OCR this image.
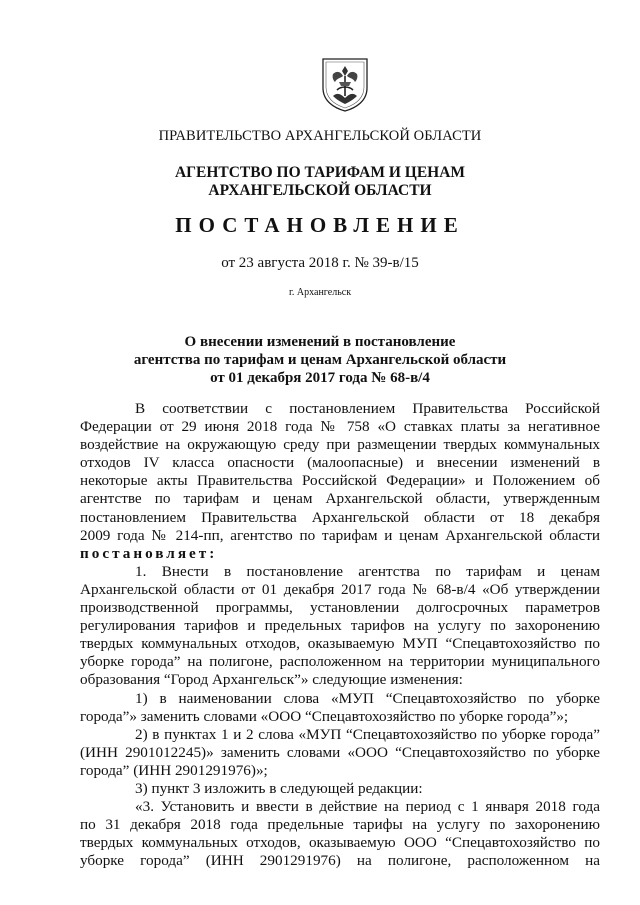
ПРАВИТЕЛЬСТВО АРХАНГЕЛЬСКОЙ ОБЛАСТИ
АГЕНТСТВО ПО ТАРИФАМ И ЦЕНАМ
АРХАНГЕЛЬСКОЙ ОБЛАСТИ
ПОСТАНОВЛЕНИЕ
от 23 августа 2018 г. № 39-в/15
г. Архангельск
О внесении изменений в постановление
агентства по тарифам и ценам Архангельской области
от 01 декабря 2017 года № 68-в/4

В соответствии с постановлением Правительства Российской
Федерации от 29 июня 2018 года № 758 «О ставках платы за негативное
воздействие на окружающую среду при размещении твердых коммунальных
отходов IV класса опасности (малоопасные) и внесении изменений в
некоторые акты Правительства Российской Федерации» и Положением об
агентстве по тарифам и ценам Архангельской области, утвержденным
постановлением Правительства Архангельской области от 18 декабря
2009 года № 214-пп, агентство по тарифам и ценам Архангельской области
постановляет:

1. Внести в постановление агентства по тарифам и ценам
Архангельской области от 01 декабря 2017 года № 68-в/4 «Об утверждении
производственной программы, установлении долгосрочных параметров
регулирования тарифов и предельных тарифов на услугу по захоронению
твердых коммунальных отходов, оказываемую МУП “Спецавтохозяйство по
уборке города” на полигоне, расположенном на территории муниципального
образования “Город Архангельск”» следующие изменения:

1) в наименовании слова «МУП “Спецавтохозяйство по уборке
города”» заменить словами «ООО “Спецавтохозяйство по уборке города”»;

2) в пунктах 1 и 2 слова «МУП “Спецавтохозяйство по уборке города”
(ИНН 2901012245)» заменить словами «ООО “Спецавтохозяйство по уборке
города” (ИНН 2901291976)»;

3) пункт 3 изложить в следующей редакции:

«3. Установить и ввести в действие на период с 1 января 2018 года
по 31 декабря 2018 года предельные тарифы на услугу по захоронению
твердых коммунальных отходов, оказываемую ООО “Спецавтохозяйство по
уборке города” (ИНН 2901291976) на полигоне, расположенном на
